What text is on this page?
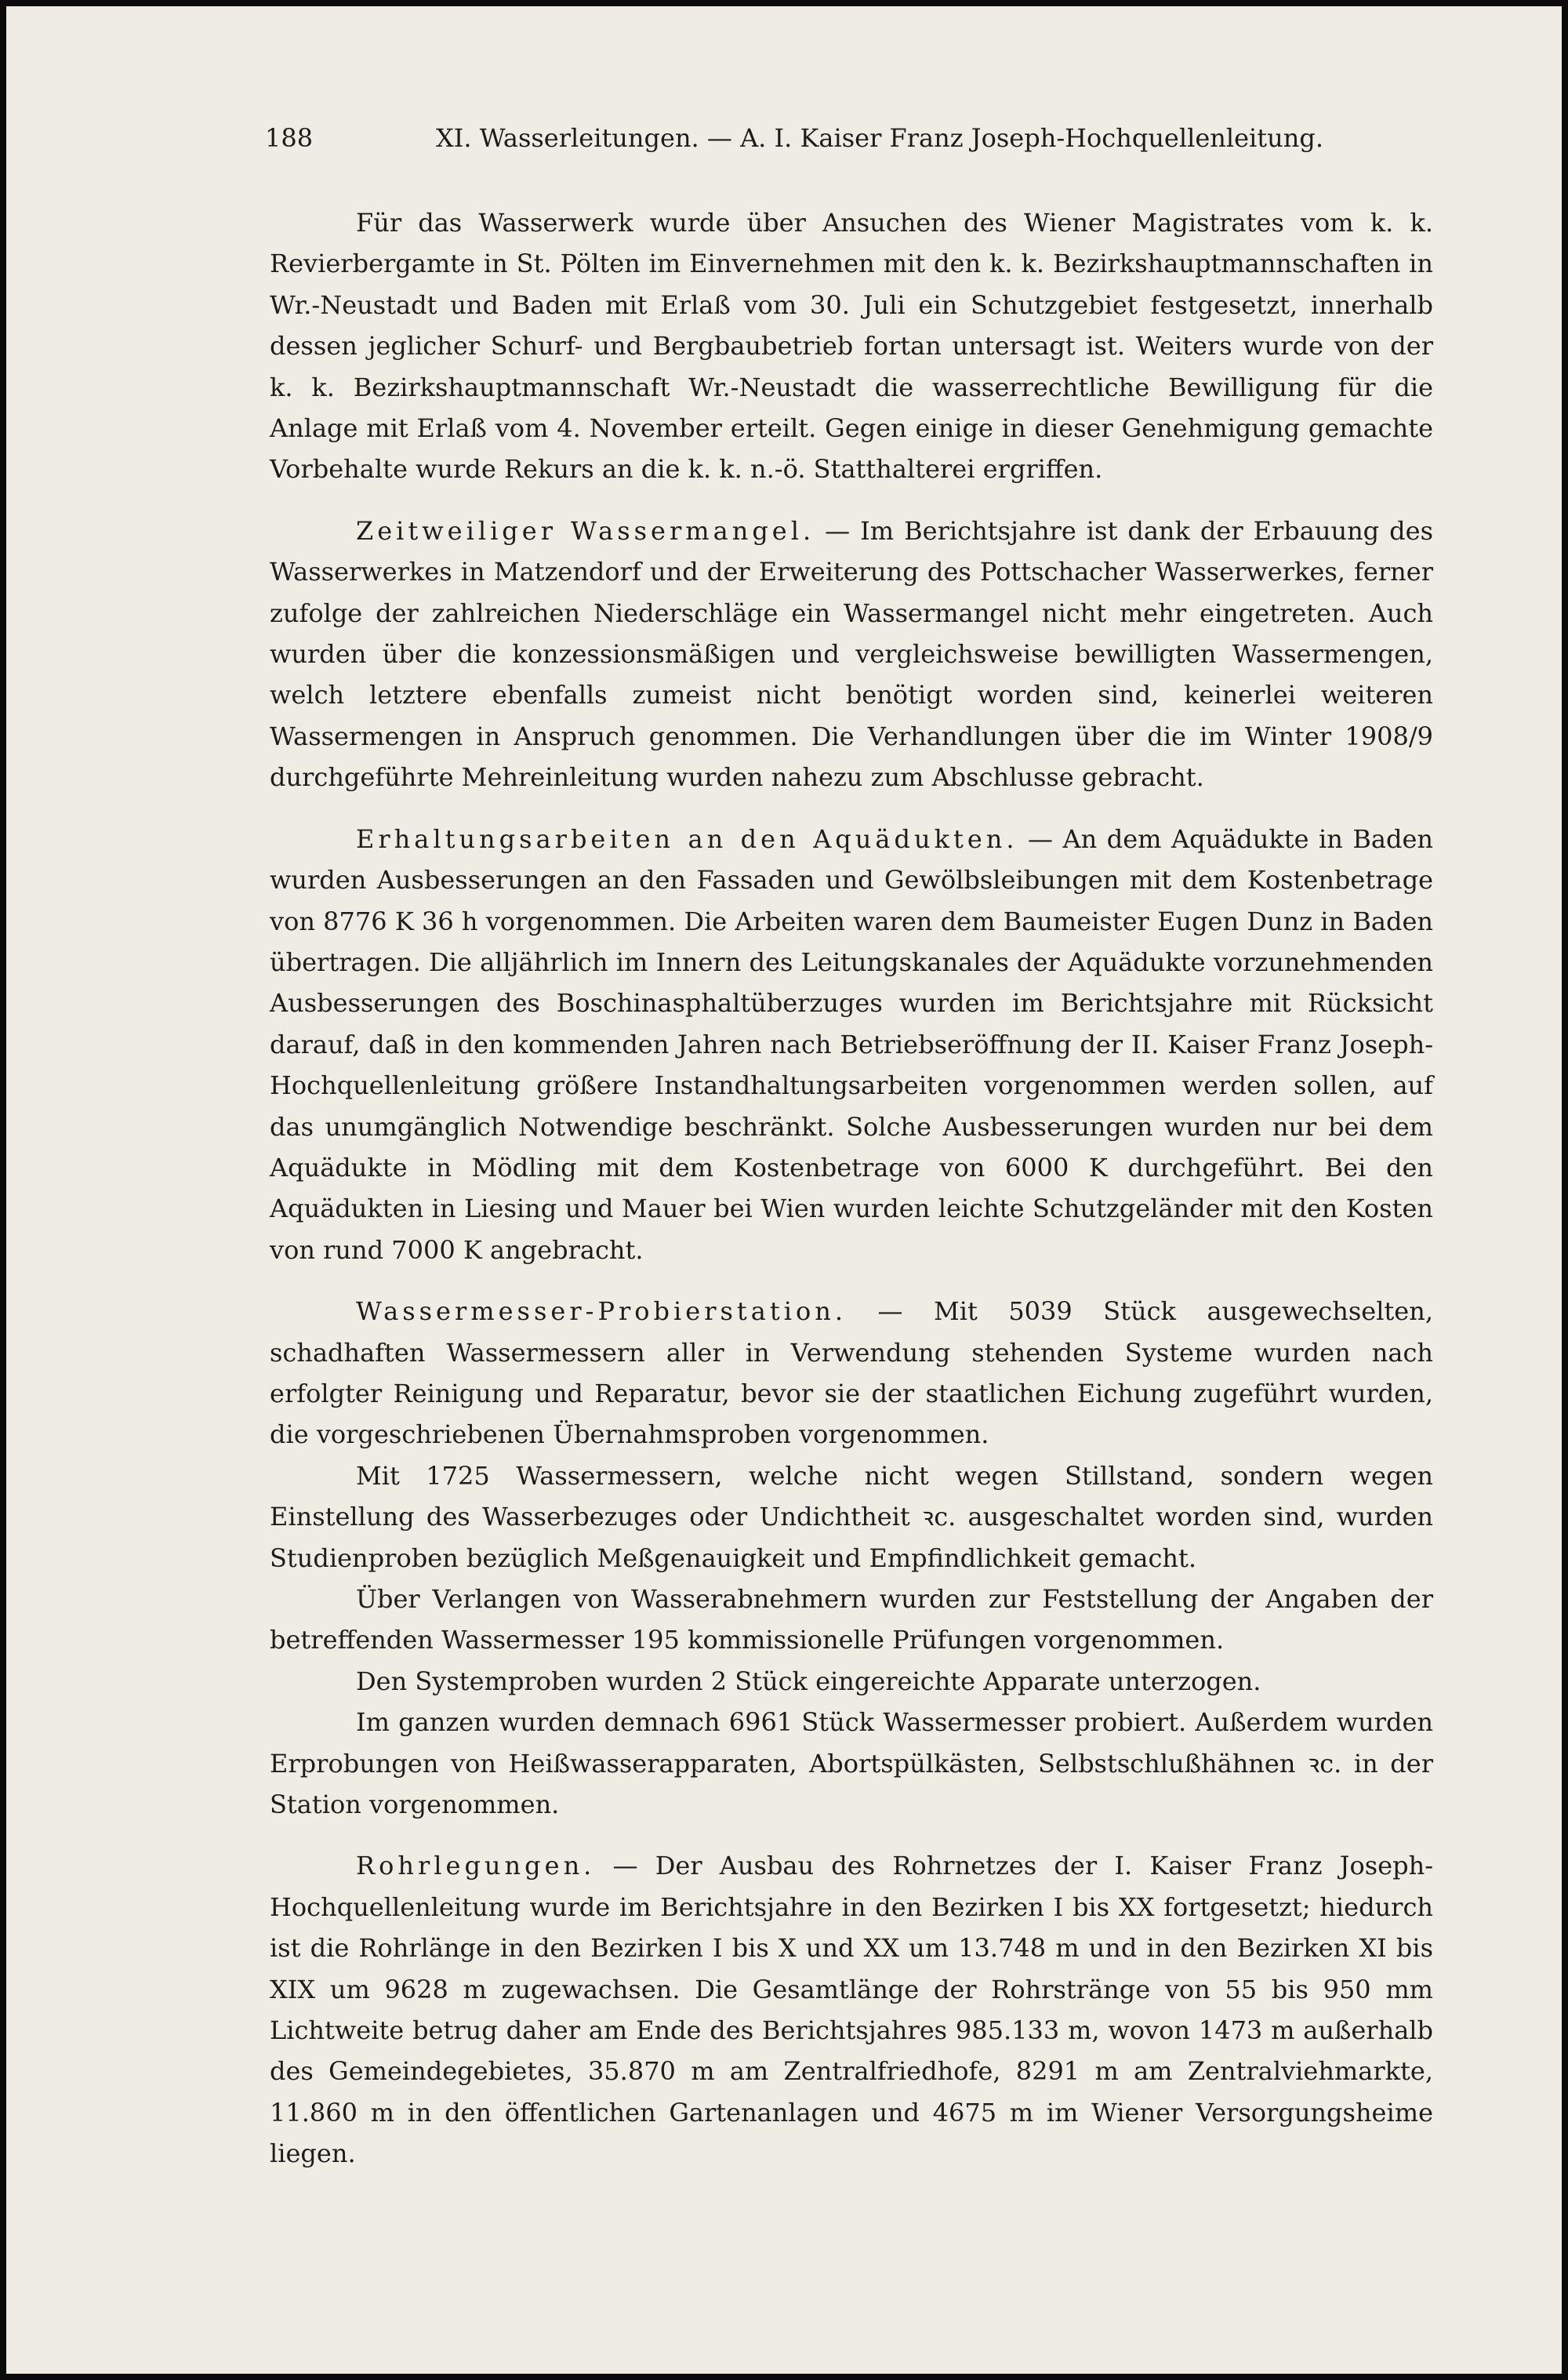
188	XI. Wasserleitungen. — A. I. Kaiser Franz Joseph-Hochquellenleitung.

Für das Wasserwerk wurde über Ansuchen des Wiener Magistrates vom k. k. Revierbergamte in St. Pölten im Einvernehmen mit den k. k. Bezirkshauptmannschaften in Wr.-Neustadt und Baden mit Erlaß vom 30. Juli ein Schutzgebiet festgesetzt, innerhalb dessen jeglicher Schurf- und Bergbaubetrieb fortan untersagt ist. Weiters wurde von der k. k. Bezirkshauptmannschaft Wr.-Neustadt die wasserrechtliche Bewilligung für die Anlage mit Erlaß vom 4. November erteilt. Gegen einige in dieser Genehmigung gemachte Vorbehalte wurde Rekurs an die k. k. n.-ö. Statthalterei ergriffen.

Zeitweiliger Wassermangel. — Im Berichtsjahre ist dank der Erbauung des Wasserwerkes in Matzendorf und der Erweiterung des Pottschacher Wasserwerkes, ferner zufolge der zahlreichen Niederschläge ein Wassermangel nicht mehr eingetreten. Auch wurden über die konzessionsmäßigen und vergleichsweise bewilligten Wassermengen, welch letztere ebenfalls zumeist nicht benötigt worden sind, keinerlei weiteren Wassermengen in Anspruch genommen. Die Verhandlungen über die im Winter 1908/9 durchgeführte Mehreinleitung wurden nahezu zum Abschlusse gebracht.

Erhaltungsarbeiten an den Aquädukten. — An dem Aquädukte in Baden wurden Ausbesserungen an den Fassaden und Gewölbsleibungen mit dem Kostenbetrage von 8776 K 36 h vorgenommen. Die Arbeiten waren dem Baumeister Eugen Dunz in Baden übertragen. Die alljährlich im Innern des Leitungskanales der Aquädukte vorzunehmenden Ausbesserungen des Boschinasphaltüberzuges wurden im Berichtsjahre mit Rücksicht darauf, daß in den kommenden Jahren nach Betriebseröffnung der II. Kaiser Franz Joseph-Hochquellenleitung größere Instandhaltungsarbeiten vorgenommen werden sollen, auf das unumgänglich Notwendige beschränkt. Solche Ausbesserungen wurden nur bei dem Aquädukte in Mödling mit dem Kostenbetrage von 6000 K durchgeführt. Bei den Aquädukten in Liesing und Mauer bei Wien wurden leichte Schutzgeländer mit den Kosten von rund 7000 K angebracht.

Wassermesser-Probierstation. — Mit 5039 Stück ausgewechselten, schadhaften Wassermessern aller in Verwendung stehenden Systeme wurden nach erfolgter Reinigung und Reparatur, bevor sie der staatlichen Eichung zugeführt wurden, die vorgeschriebenen Übernahmsproben vorgenommen.

Mit 1725 Wassermessern, welche nicht wegen Stillstand, sondern wegen Einstellung des Wasserbezuges oder Undichtheit ꝛc. ausgeschaltet worden sind, wurden Studienproben bezüglich Meßgenauigkeit und Empfindlichkeit gemacht.

Über Verlangen von Wasserabnehmern wurden zur Feststellung der Angaben der betreffenden Wassermesser 195 kommissionelle Prüfungen vorgenommen.

Den Systemproben wurden 2 Stück eingereichte Apparate unterzogen.

Im ganzen wurden demnach 6961 Stück Wassermesser probiert. Außerdem wurden Erprobungen von Heißwasserapparaten, Abortspülkästen, Selbstschlußhähnen ꝛc. in der Station vorgenommen.

Rohrlegungen. — Der Ausbau des Rohrnetzes der I. Kaiser Franz Joseph-Hochquellenleitung wurde im Berichtsjahre in den Bezirken I bis XX fortgesetzt; hiedurch ist die Rohrlänge in den Bezirken I bis X und XX um 13.748 m und in den Bezirken XI bis XIX um 9628 m zugewachsen. Die Gesamtlänge der Rohrstränge von 55 bis 950 mm Lichtweite betrug daher am Ende des Berichtsjahres 985.133 m, wovon 1473 m außerhalb des Gemeindegebietes, 35.870 m am Zentralfriedhofe, 8291 m am Zentralviehmarkte, 11.860 m in den öffentlichen Gartenanlagen und 4675 m im Wiener Versorgungsheime liegen.
